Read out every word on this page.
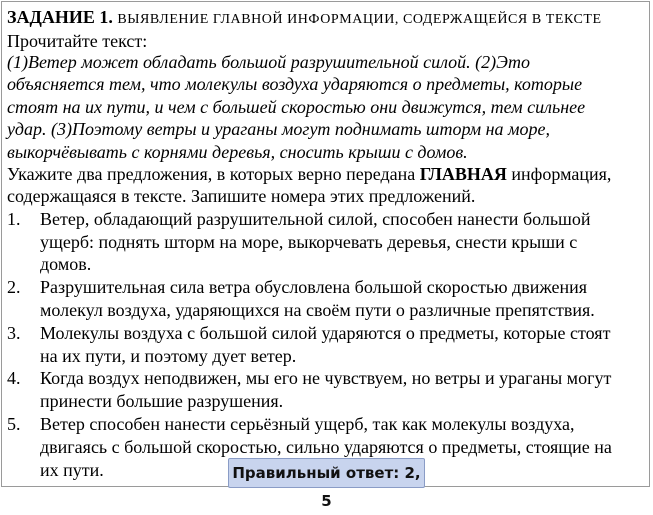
ЗАДАНИЕ 1. ВЫЯВЛЕНИЕ ГЛАВНОЙ ИНФОРМАЦИИ, СОДЕРЖАЩЕЙСЯ В ТЕКСТЕ
Прочитайте текст:
(1)Ветер может обладать большой разрушительной силой. (2)Это
объясняется тем, что молекулы воздуха ударяются о предметы, которые
стоят на их пути, и чем с большей скоростью они движутся, тем сильнее
удар. (3)Поэтому ветры и ураганы могут поднимать шторм на море,
выкорчёвывать с корнями деревья, сносить крыши с домов.
Укажите два предложения, в которых верно передана ГЛАВНАЯ информация,
содержащаяся в тексте. Запишите номера этих предложений.
1. Ветер, обладающий разрушительной силой, способен нанести большой
ущерб: поднять шторм на море, выкорчевать деревья, снести крыши с
домов.
2. Разрушительная сила ветра обусловлена большой скоростью движения
молекул воздуха, ударяющихся на своём пути о различные препятствия.
3. Молекулы воздуха с большой силой ударяются о предметы, которые стоят
на их пути, и поэтому дует ветер.
4. Когда воздух неподвижен, мы его не чувствуем, но ветры и ураганы могут
принести большие разрушения.
5. Ветер способен нанести серьёзный ущерб, так как молекулы воздуха,
двигаясь с большой скоростью, сильно ударяются о предметы, стоящие на
их пути.	Правильный ответ: 2, 5
